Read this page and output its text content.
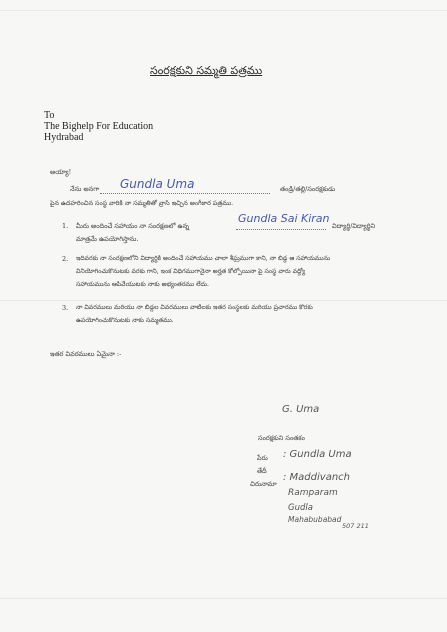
సంరక్షకుని సమ్మతి పత్రము
To
The Bighelp For Education
Hydrabad
అయ్యా!
నేను అనగా Gundla Uma	తండ్రి/తల్లి/సంరక్షకుడు
పైన ఉదహరించిన సంస్థ వారికి నా సమ్మతితో వ్రాసి ఇచ్చిన అంగీకార పత్రము.
1. మీరు అందించే సహాయం నా సంరక్షణలో ఉన్న
Gundla Sai Kiran
విద్యార్థి/విద్యార్థిని
మాత్రమే ఉపయోగిస్తాను.
2. ఇదివరకు నా సంరక్షణలోని విద్యార్థికి అందించే సహాయము చాలా శీఘ్రముగా కాని, నా బిడ్డ ఆ సహాయమును
వినియోగించుకొనుటకు వరకు గాని, ఇంక విధిగముగానైనా అర్హత కోల్పోయినా పై సంస్థ వారు వద్ద్యో
సహాయమును ఆపివేయుటకు నాకు అభ్యంతరము లేదు.
3. నా వివరములు మరియు నా బిడ్డల వివరములు వాటిలకు ఇతర సంస్థలకు మరియు ప్రచారము కొరకు
ఉపయోగించుకొనుటకు నాకు సమ్మతము.
ఇతర వివరములు ఏమైనా :-
G. Uma
సంరక్షకుని సంతకం
పేరు : Gundla Uma
తేదీ
చిరునామా
: Maddivanch
Ramparam
Gudla
Mahabubabad
507 211
